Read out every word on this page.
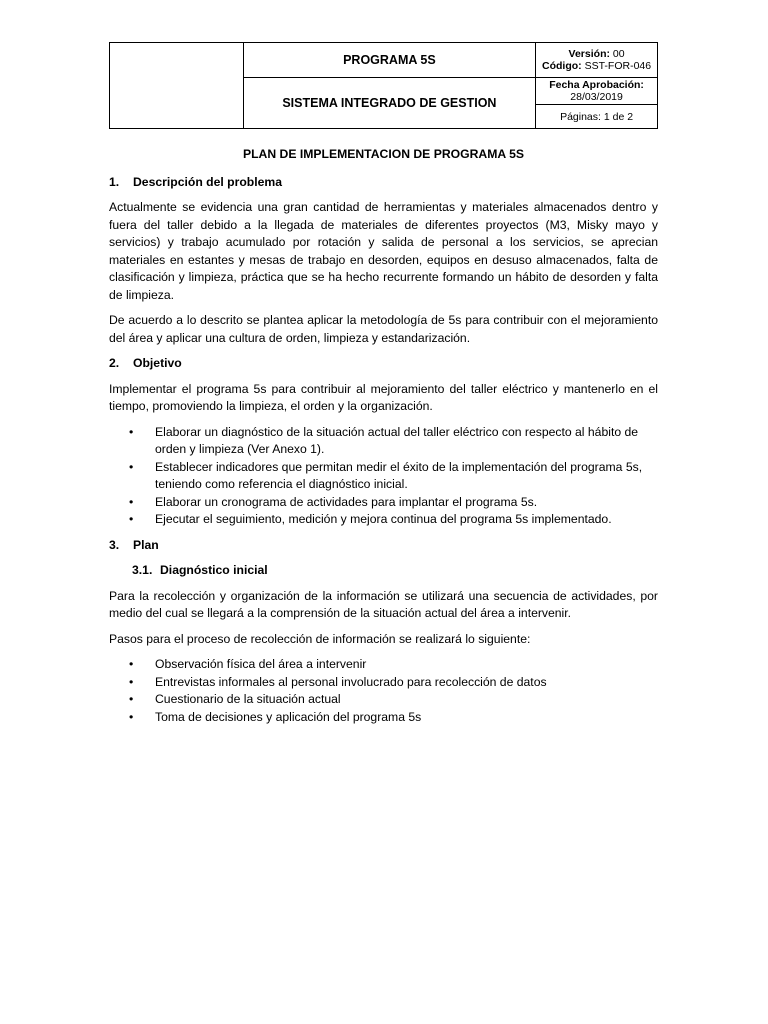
	PROGRAMA 5S	Versión: 00
Código: SST-FOR-046

	SISTEMA INTEGRADO DE GESTION	Fecha Aprobación:
28/03/2019

		Páginas: 1 de 2
PLAN DE IMPLEMENTACION DE PROGRAMA 5S
1.	Descripción del problema

Actualmente se evidencia una gran cantidad de herramientas y materiales almacenados dentro y fuera del taller debido a la llegada de materiales de diferentes proyectos (M3, Misky mayo y servicios) y trabajo acumulado por rotación y salida de personal a los servicios, se aprecian materiales en estantes y mesas de trabajo en desorden, equipos en desuso almacenados, falta de clasificación y limpieza, práctica que se ha hecho recurrente formando un hábito de desorden y falta de limpieza.

De acuerdo a lo descrito se plantea aplicar la metodología de 5s para contribuir con el mejoramiento del área y aplicar una cultura de orden, limpieza y estandarización.

2.	Objetivo

Implementar el programa 5s para contribuir al mejoramiento del taller eléctrico y mantenerlo en el tiempo, promoviendo la limpieza, el orden y la organización.

• Elaborar un diagnóstico de la situación actual del taller eléctrico con respecto al hábito de orden y limpieza (Ver Anexo 1).
• Establecer indicadores que permitan medir el éxito de la implementación del programa 5s, teniendo como referencia el diagnóstico inicial.
• Elaborar un cronograma de actividades para implantar el programa 5s.
• Ejecutar el seguimiento, medición y mejora continua del programa 5s implementado.
3.	Plan
3.1. Diagnóstico inicial

Para la recolección y organización de la información se utilizará una secuencia de actividades, por medio del cual se llegará a la comprensión de la situación actual del área a intervenir.

Pasos para el proceso de recolección de información se realizará lo siguiente:

• Observación física del área a intervenir
• Entrevistas informales al personal involucrado para recolección de datos
• Cuestionario de la situación actual
• Toma de decisiones y aplicación del programa 5s
